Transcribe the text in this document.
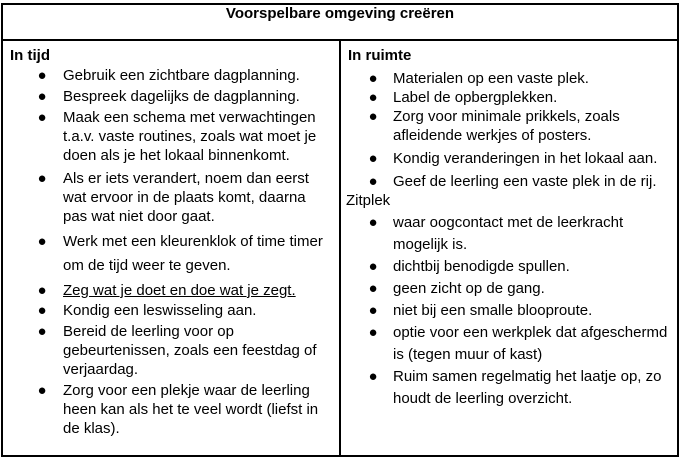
Voorspelbare omgeving creëren

In tijd
● Gebruik een zichtbare dagplanning.
● Bespreek dagelijks de dagplanning.
● Maak een schema met verwachtingen t.a.v. vaste routines, zoals wat moet je doen als je het lokaal binnenkomt.
● Als er iets verandert, noem dan eerst wat ervoor in de plaats komt, daarna pas wat niet door gaat.
● Werk met een kleurenklok of time timer om de tijd weer te geven.
● Zeg wat je doet en doe wat je zegt.
● Kondig een leswisseling aan.
● Bereid de leerling voor op gebeurtenissen, zoals een feestdag of verjaardag.
● Zorg voor een plekje waar de leerling heen kan als het te veel wordt (liefst in de klas).

In ruimte
● Materialen op een vaste plek.
● Label de opbergplekken.
● Zorg voor minimale prikkels, zoals afleidende werkjes of posters.
● Kondig veranderingen in het lokaal aan.
● Geef de leerling een vaste plek in de rij.
Zitplek
● waar oogcontact met de leerkracht mogelijk is.
● dichtbij benodigde spullen.
● geen zicht op de gang.
● niet bij een smalle blooproute.
● optie voor een werkplek dat afgeschermd is (tegen muur of kast)
● Ruim samen regelmatig het laatje op, zo houdt de leerling overzicht.
